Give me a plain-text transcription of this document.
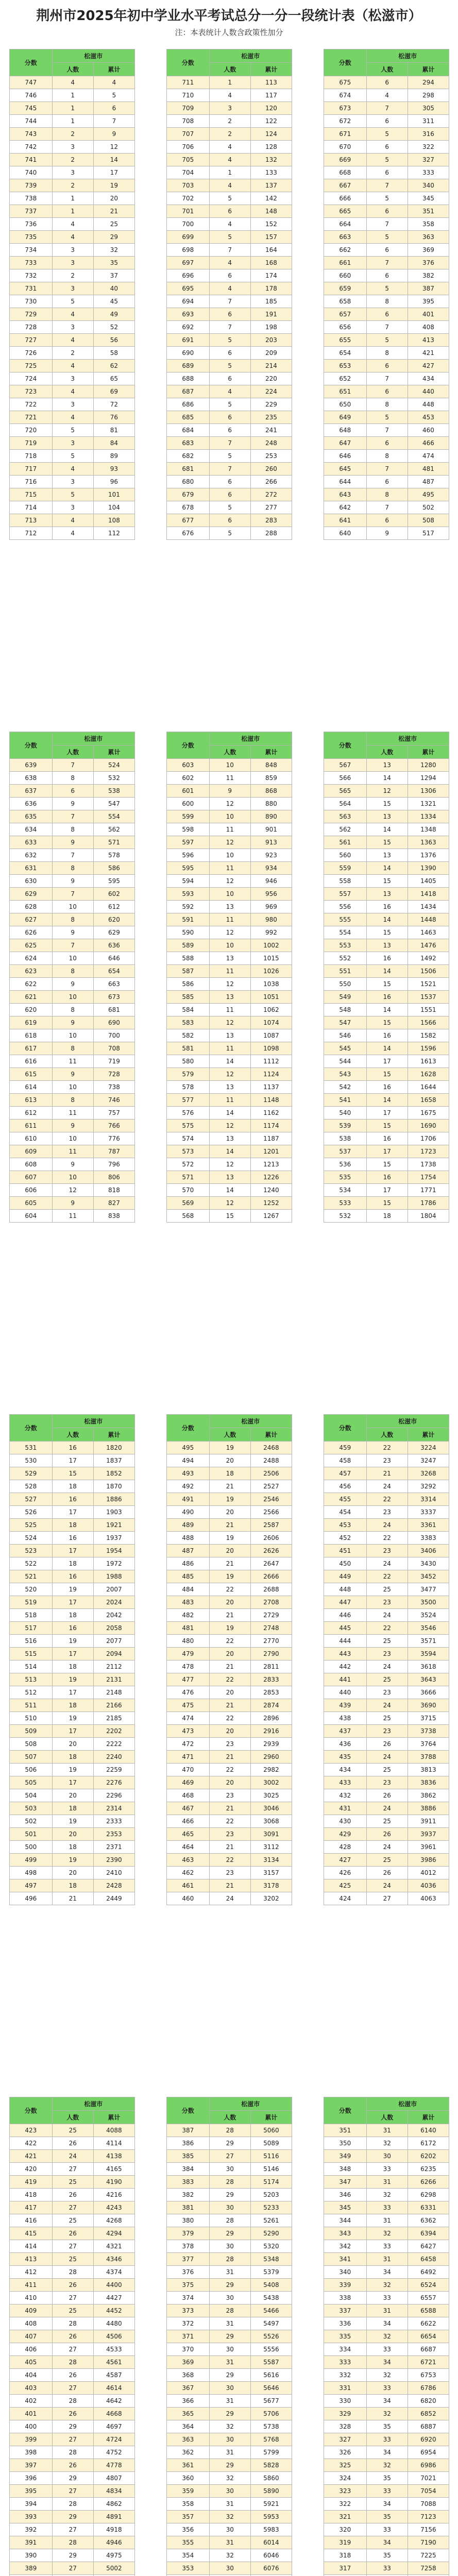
荆州市2025年初中学业水平考试总分一分一段统计表（松滋市）
注：本表统计人数含政策性加分
分数	松滋市	
	人数	累计
747	4	4
746	1	5
745	1	6
744	1	7
743	2	9
742	3	12
741	2	14
740	3	17
739	2	19
738	1	20
737	1	21
736	4	25
735	4	29
734	3	32
733	3	35
732	2	37
731	3	40
730	5	45
729	4	49
728	3	52
727	4	56
726	2	58
725	4	62
724	3	65
723	4	69
722	3	72
721	4	76
720	5	81
719	3	84
718	5	89
717	4	93
716	3	96
715	5	101
714	3	104
713	4	108
712	4	112
分数	松滋市	
	人数	累计
711	1	113
710	4	117
709	3	120
708	2	122
707	2	124
706	4	128
705	4	132
704	1	133
703	4	137
702	5	142
701	6	148
700	4	152
699	5	157
698	7	164
697	4	168
696	6	174
695	4	178
694	7	185
693	6	191
692	7	198
691	5	203
690	6	209
689	5	214
688	6	220
687	4	224
686	5	229
685	6	235
684	6	241
683	7	248
682	5	253
681	7	260
680	6	266
679	6	272
678	5	277
677	6	283
676	5	288
分数	松滋市	
	人数	累计
675	6	294
674	4	298
673	7	305
672	6	311
671	5	316
670	6	322
669	5	327
668	6	333
667	7	340
666	5	345
665	6	351
664	7	358
663	5	363
662	6	369
661	7	376
660	6	382
659	5	387
658	8	395
657	6	401
656	7	408
655	5	413
654	8	421
653	6	427
652	7	434
651	6	440
650	8	448
649	5	453
648	7	460
647	6	466
646	8	474
645	7	481
644	6	487
643	8	495
642	7	502
641	6	508
640	9	517
分数	松滋市	
	人数	累计
639	7	524
638	8	532
637	6	538
636	9	547
635	7	554
634	8	562
633	9	571
632	7	578
631	8	586
630	9	595
629	7	602
628	10	612
627	8	620
626	9	629
625	7	636
624	10	646
623	8	654
622	9	663
621	10	673
620	8	681
619	9	690
618	10	700
617	8	708
616	11	719
615	9	728
614	10	738
613	8	746
612	11	757
611	9	766
610	10	776
609	11	787
608	9	796
607	10	806
606	12	818
605	9	827
604	11	838
分数	松滋市	
	人数	累计
603	10	848
602	11	859
601	9	868
600	12	880
599	10	890
598	11	901
597	12	913
596	10	923
595	11	934
594	12	946
593	10	956
592	13	969
591	11	980
590	12	992
589	10	1002
588	13	1015
587	11	1026
586	12	1038
585	13	1051
584	11	1062
583	12	1074
582	13	1087
581	11	1098
580	14	1112
579	12	1124
578	13	1137
577	11	1148
576	14	1162
575	12	1174
574	13	1187
573	14	1201
572	12	1213
571	13	1226
570	14	1240
569	12	1252
568	15	1267
分数	松滋市	
	人数	累计
567	13	1280
566	14	1294
565	12	1306
564	15	1321
563	13	1334
562	14	1348
561	15	1363
560	13	1376
559	14	1390
558	15	1405
557	13	1418
556	16	1434
555	14	1448
554	15	1463
553	13	1476
552	16	1492
551	14	1506
550	15	1521
549	16	1537
548	14	1551
547	15	1566
546	16	1582
545	14	1596
544	17	1613
543	15	1628
542	16	1644
541	14	1658
540	17	1675
539	15	1690
538	16	1706
537	17	1723
536	15	1738
535	16	1754
534	17	1771
533	15	1786
532	18	1804
分数	松滋市	
	人数	累计
531	16	1820
530	17	1837
529	15	1852
528	18	1870
527	16	1886
526	17	1903
525	18	1921
524	16	1937
523	17	1954
522	18	1972
521	16	1988
520	19	2007
519	17	2024
518	18	2042
517	16	2058
516	19	2077
515	17	2094
514	18	2112
513	19	2131
512	17	2148
511	18	2166
510	19	2185
509	17	2202
508	20	2222
507	18	2240
506	19	2259
505	17	2276
504	20	2296
503	18	2314
502	19	2333
501	20	2353
500	18	2371
499	19	2390
498	20	2410
497	18	2428
496	21	2449
分数	松滋市	
	人数	累计
495	19	2468
494	20	2488
493	18	2506
492	21	2527
491	19	2546
490	20	2566
489	21	2587
488	19	2606
487	20	2626
486	21	2647
485	19	2666
484	22	2688
483	20	2708
482	21	2729
481	19	2748
480	22	2770
479	20	2790
478	21	2811
477	22	2833
476	20	2853
475	21	2874
474	22	2896
473	20	2916
472	23	2939
471	21	2960
470	22	2982
469	20	3002
468	23	3025
467	21	3046
466	22	3068
465	23	3091
464	21	3112
463	22	3134
462	23	3157
461	21	3178
460	24	3202
分数	松滋市	
	人数	累计
459	22	3224
458	23	3247
457	21	3268
456	24	3292
455	22	3314
454	23	3337
453	24	3361
452	22	3383
451	23	3406
450	24	3430
449	22	3452
448	25	3477
447	23	3500
446	24	3524
445	22	3546
444	25	3571
443	23	3594
442	24	3618
441	25	3643
440	23	3666
439	24	3690
438	25	3715
437	23	3738
436	26	3764
435	24	3788
434	25	3813
433	23	3836
432	26	3862
431	24	3886
430	25	3911
429	26	3937
428	24	3961
427	25	3986
426	26	4012
425	24	4036
424	27	4063
分数	松滋市	
	人数	累计
423	25	4088
422	26	4114
421	24	4138
420	27	4165
419	25	4190
418	26	4216
417	27	4243
416	25	4268
415	26	4294
414	27	4321
413	25	4346
412	28	4374
411	26	4400
410	27	4427
409	25	4452
408	28	4480
407	26	4506
406	27	4533
405	28	4561
404	26	4587
403	27	4614
402	28	4642
401	26	4668
400	29	4697
399	27	4724
398	28	4752
397	26	4778
396	29	4807
395	27	4834
394	28	4862
393	29	4891
392	27	4918
391	28	4946
390	29	4975
389	27	5002

分数	松滋市	
	人数	累计
387	28	5060
386	29	5089
385	27	5116
384	30	5146
383	28	5174
382	29	5203
381	30	5233
380	28	5261
379	29	5290
378	30	5320
377	28	5348
376	31	5379
375	29	5408
374	30	5438
373	28	5466
372	31	5497
371	29	5526
370	30	5556
369	31	5587
368	29	5616
367	30	5646
366	31	5677
365	29	5706
364	32	5738
363	30	5768
362	31	5799
361	29	5828
360	32	5860
359	30	5890
358	31	5921
357	32	5953
356	30	5983
355	31	6014
354	32	6046
353	30	6076

分数	松滋市	
	人数	累计
351	31	6140
350	32	6172
349	30	6202
348	33	6235
347	31	6266
346	32	6298
345	33	6331
344	31	6362
343	32	6394
342	33	6427
341	31	6458
340	34	6492
339	32	6524
338	33	6557
337	31	6588
336	34	6622
335	32	6654
334	33	6687
333	34	6721
332	32	6753
331	33	6786
330	34	6820
329	32	6852
328	35	6887
327	33	6920
326	34	6954
325	32	6986
324	35	7021
323	33	7054
322	34	7088
321	35	7123
320	33	7156
319	34	7190
318	35	7225
317	33	7258
